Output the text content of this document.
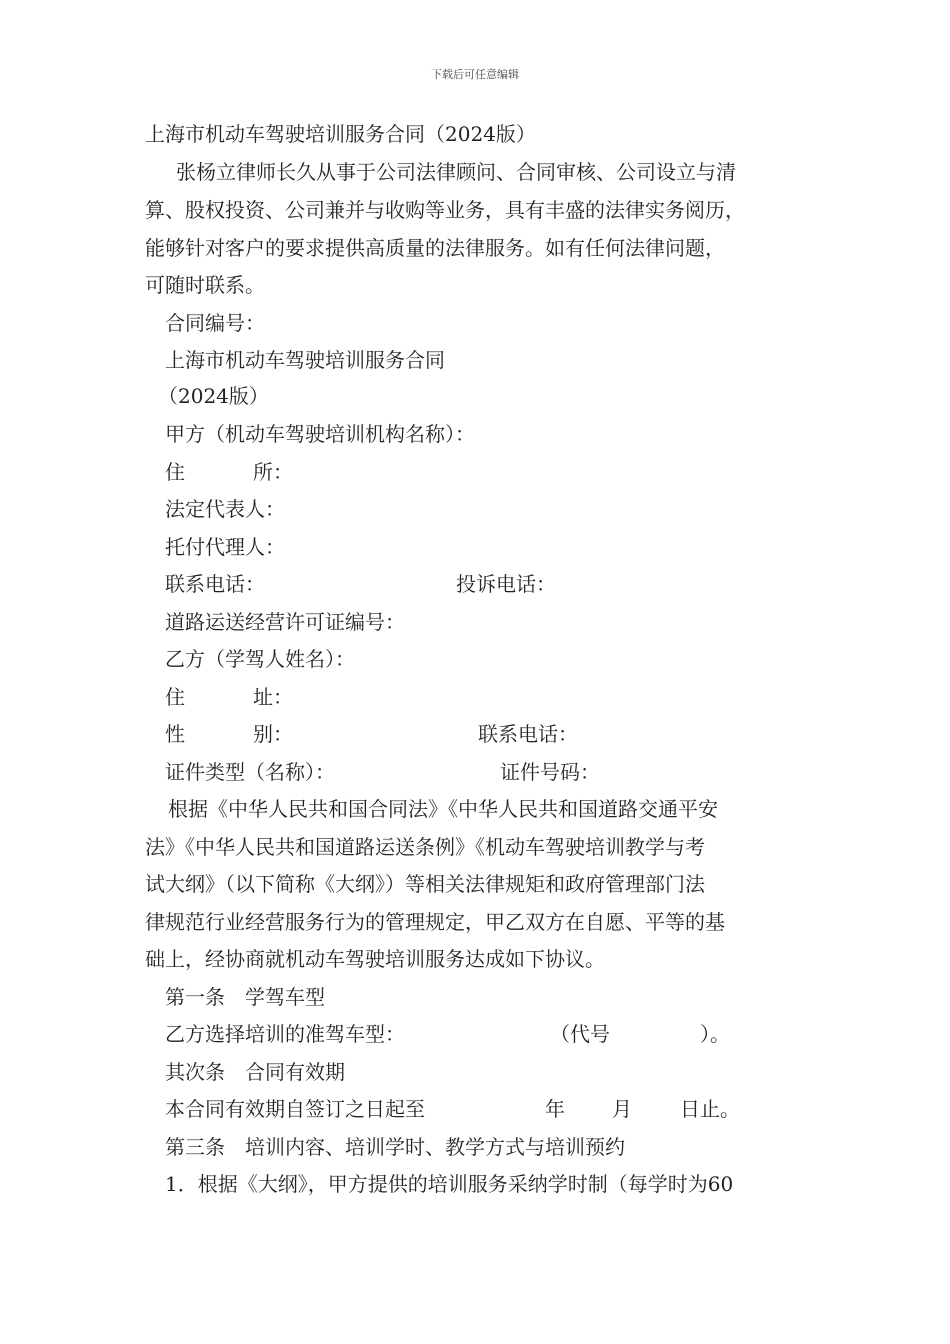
下载后可任意编辑
上海市机动车驾驶培训服务合同（2024版）
张杨立律师长久从事于公司法律顾问、合同审核、公司设立与清
算、股权投资、公司兼并与收购等业务，具有丰盛的法律实务阅历，
能够针对客户的要求提供高质量的法律服务。如有任何法律问题，
可随时联系。
合同编号：
上海市机动车驾驶培训服务合同
（2024版）
甲方（机动车驾驶培训机构名称）：
住	所：
法定代表人：
托付代理人：
联系电话：	投诉电话：
道路运送经营许可证编号：
乙方（学驾人姓名）：
住	址：
性	别：	联系电话：
证件类型（名称）：	证件号码：
根据《中华人民共和国合同法》《中华人民共和国道路交通平安
法》《中华人民共和国道路运送条例》《机动车驾驶培训教学与考
试大纲》（以下简称《大纲》）等相关法律规矩和政府管理部门法
律规范行业经营服务行为的管理规定，甲乙双方在自愿、平等的基
础上，经协商就机动车驾驶培训服务达成如下协议。
第一条　学驾车型
乙方选择培训的准驾车型：	（代号	）。
其次条　合同有效期
本合同有效期自签订之日起至	年 月 日止。
第三条　培训内容、培训学时、教学方式与培训预约
1．根据《大纲》，甲方提供的培训服务采纳学时制（每学时为60
